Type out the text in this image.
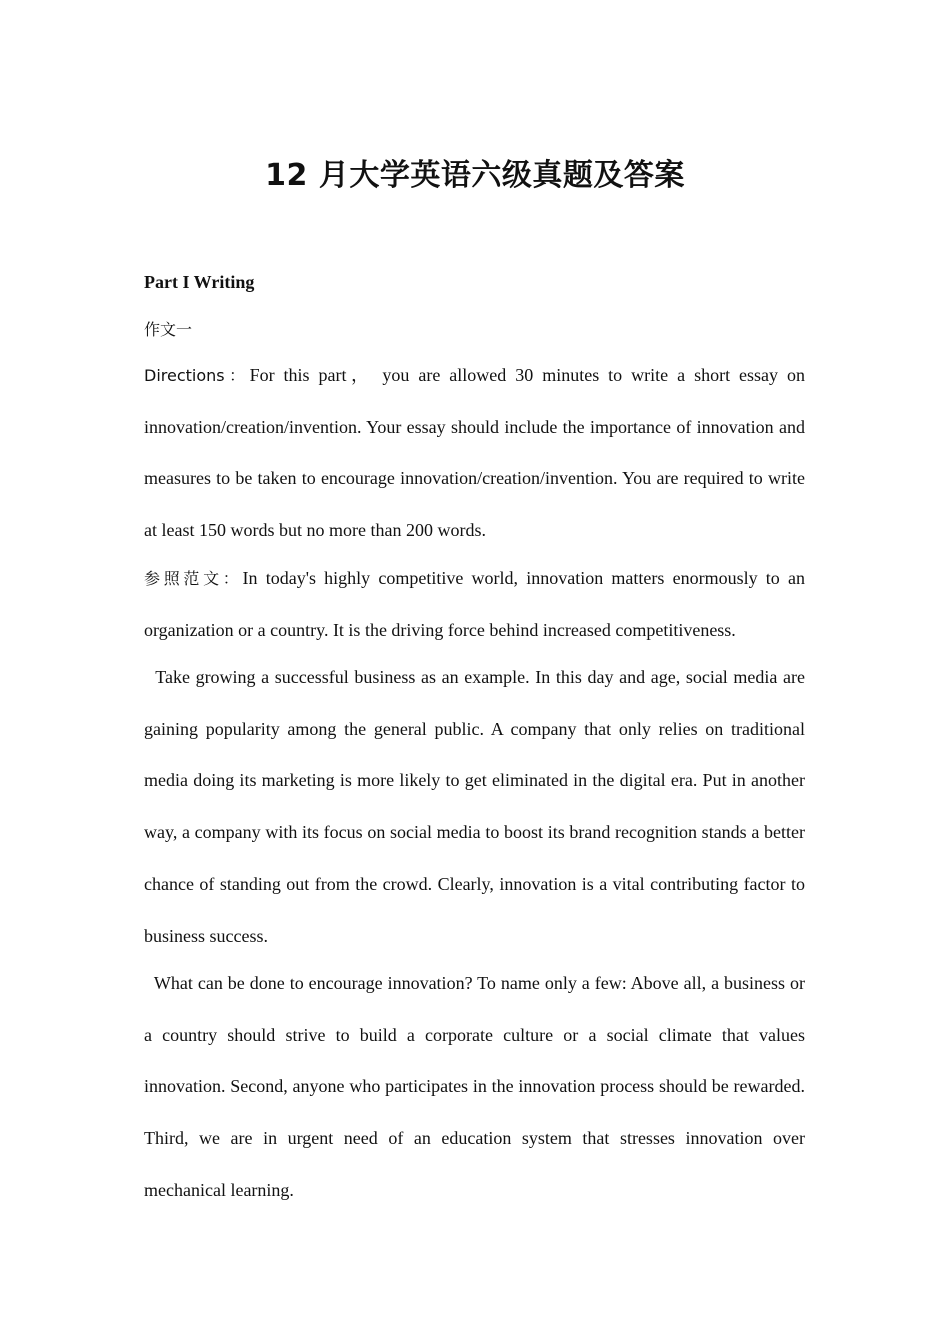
12 月大学英语六级真题及答案
Part I Writing
作文一

Directions：For this part， you are allowed 30 minutes to write a short essay on innovation/creation/invention. Your essay should include the importance of innovation and measures to be taken to encourage innovation/creation/invention. You are required to write at least 150 words but no more than 200 words.

参照范文：In today's highly competitive world, innovation matters enormously to an organization or a country. It is the driving force behind increased competitiveness.

Take growing a successful business as an example. In this day and age, social media are gaining popularity among the general public. A company that only relies on traditional media doing its marketing is more likely to get eliminated in the digital era. Put in another way, a company with its focus on social media to boost its brand recognition stands a better chance of standing out from the crowd. Clearly, innovation is a vital contributing factor to business success.

What can be done to encourage innovation? To name only a few: Above all, a business or a country should strive to build a corporate culture or a social climate that values innovation. Second, anyone who participates in the innovation process should be rewarded. Third, we are in urgent need of an education system that stresses innovation over mechanical learning.
